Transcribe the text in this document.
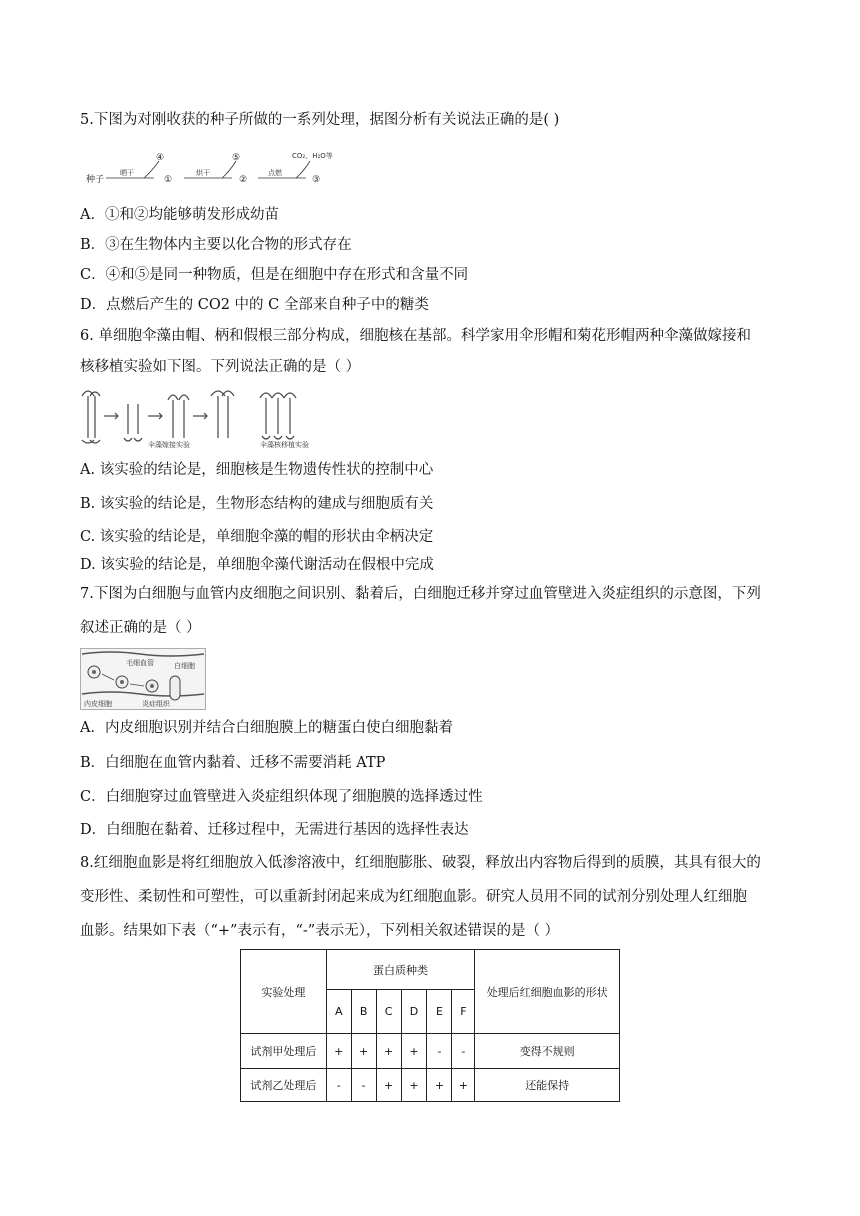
5.下图为对刚收获的种子所做的一系列处理，据图分析有关说法正确的是( )
种子
晒干
④
①
烘干
⑤
②
点燃
CO₂、H₂O等
③
A．①和②均能够萌发形成幼苗
B．③在生物体内主要以化合物的形式存在
C．④和⑤是同一种物质，但是在细胞中存在形式和含量不同
D．点燃后产生的 CO2 中的 C 全部来自种子中的糖类
6. 单细胞伞藻由帽、柄和假根三部分构成，细胞核在基部。科学家用伞形帽和菊花形帽两种伞藻做嫁接和
核移植实验如下图。下列说法正确的是（ ）
伞藻嫁接实验	伞藻核移植实验
A. 该实验的结论是，细胞核是生物遗传性状的控制中心
B. 该实验的结论是，生物形态结构的建成与细胞质有关
C. 该实验的结论是，单细胞伞藻的帽的形状由伞柄决定
D. 该实验的结论是，单细胞伞藻代谢活动在假根中完成
7.下图为白细胞与血管内皮细胞之间识别、黏着后，白细胞迁移并穿过血管壁进入炎症组织的示意图，下列
叙述正确的是（ ）
毛细血管	白细胞
内皮细胞	炎症组织
A．内皮细胞识别并结合白细胞膜上的糖蛋白使白细胞黏着
B．白细胞在血管内黏着、迁移不需要消耗 ATP
C．白细胞穿过血管壁进入炎症组织体现了细胞膜的选择透过性
D．白细胞在黏着、迁移过程中，无需进行基因的选择性表达
8.红细胞血影是将红细胞放入低渗溶液中，红细胞膨胀、破裂，释放出内容物后得到的质膜，其具有很大的
变形性、柔韧性和可塑性，可以重新封闭起来成为红细胞血影。研究人员用不同的试剂分别处理人红细胞
血影。结果如下表（“+”表示有，“-”表示无），下列相关叙述错误的是（ ）
实验处理	蛋白质种类						处理后红细胞血影的形状
	A	B	C	D	E	F	
试剂甲处理后	+	+	+	+	-	-	变得不规则
试剂乙处理后	-	-	+	+	+	+	还能保持
